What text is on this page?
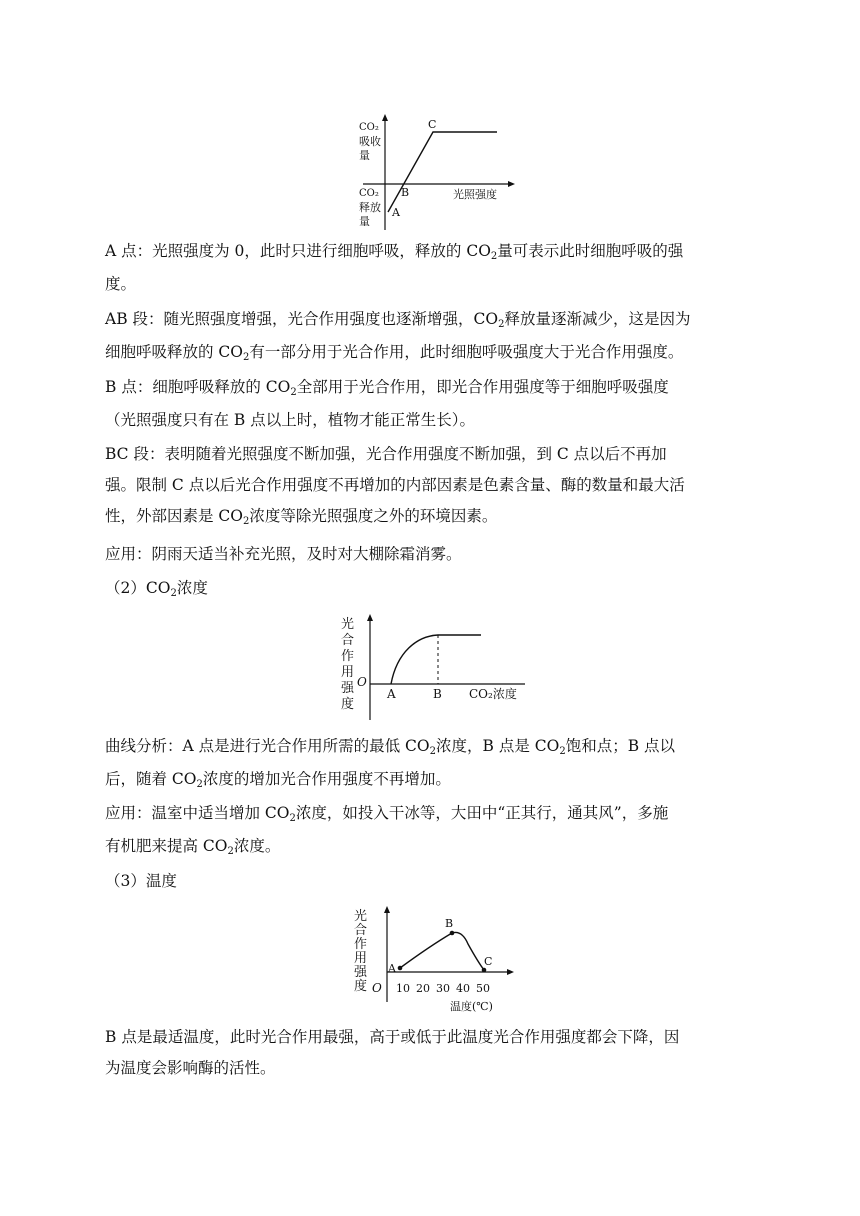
CO₂
吸收
量
CO₂
释放
量
A
B
C
光照强度

A 点：光照强度为 0，此时只进行细胞呼吸，释放的 CO2量可表示此时细胞呼吸的强
度。

AB 段：随光照强度增强，光合作用强度也逐渐增强，CO2释放量逐渐减少，这是因为
细胞呼吸释放的 CO2有一部分用于光合作用，此时细胞呼吸强度大于光合作用强度。

B 点：细胞呼吸释放的 CO2全部用于光合作用，即光合作用强度等于细胞呼吸强度
（光照强度只有在 B 点以上时，植物才能正常生长）。

BC 段：表明随着光照强度不断加强，光合作用强度不断加强，到 C 点以后不再加
强。限制 C 点以后光合作用强度不再增加的内部因素是色素含量、酶的数量和最大活
性，外部因素是 CO2浓度等除光照强度之外的环境因素。

应用：阴雨天适当补充光照，及时对大棚除霜消雾。

（2）CO2浓度

光
合
作
用
强
度
O
A	B CO₂浓度

曲线分析：A 点是进行光合作用所需的最低 CO2浓度，B 点是 CO2饱和点；B 点以
后，随着 CO2浓度的增加光合作用强度不再增加。

应用：温室中适当增加 CO2浓度，如投入干冰等，大田中“正其行，通其风”，多施
有机肥来提高 CO2浓度。

（3）温度

光
合
作
用
强
度 O
A
B
C
10 20 30 40 50
温度(℃)

B 点是最适温度，此时光合作用最强，高于或低于此温度光合作用强度都会下降，因
为温度会影响酶的活性。
